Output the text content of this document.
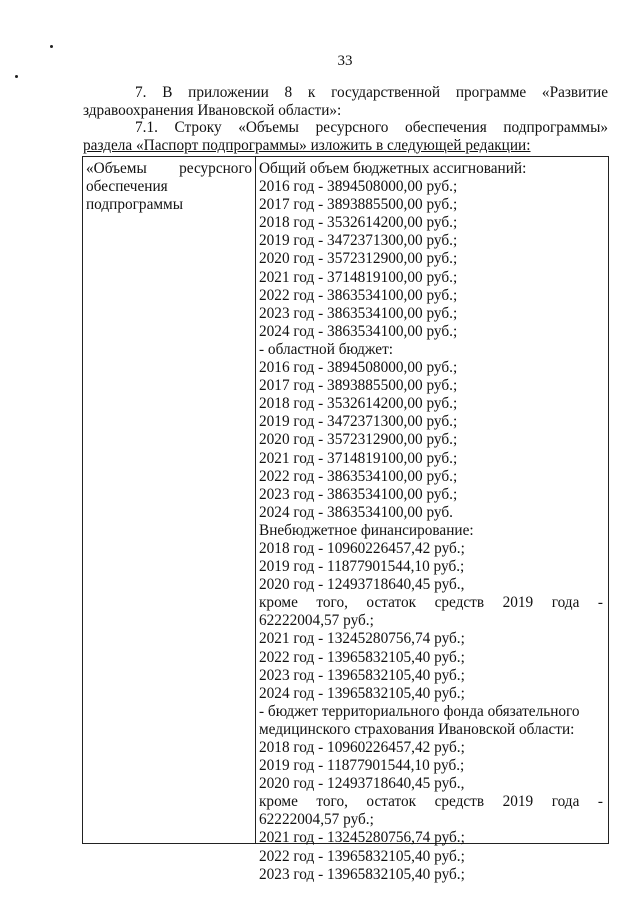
33
7. В приложении 8 к государственной программе «Развитие
здравоохранения Ивановской области»:
7.1. Строку «Объемы ресурсного обеспечения подпрограммы»
раздела «Паспорт подпрограммы» изложить в следующей редакции:
«Объемы ресурсного
обеспечения
подпрограммы
Общий объем бюджетных ассигнований:
2016 год - 3894508000,00 руб.;
2017 год - 3893885500,00 руб.;
2018 год - 3532614200,00 руб.;
2019 год - 3472371300,00 руб.;
2020 год - 3572312900,00 руб.;
2021 год - 3714819100,00 руб.;
2022 год - 3863534100,00 руб.;
2023 год - 3863534100,00 руб.;
2024 год - 3863534100,00 руб.;
- областной бюджет:
2016 год - 3894508000,00 руб.;
2017 год - 3893885500,00 руб.;
2018 год - 3532614200,00 руб.;
2019 год - 3472371300,00 руб.;
2020 год - 3572312900,00 руб.;
2021 год - 3714819100,00 руб.;
2022 год - 3863534100,00 руб.;
2023 год - 3863534100,00 руб.;
2024 год - 3863534100,00 руб.
Внебюджетное финансирование:
2018 год - 10960226457,42 руб.;
2019 год - 11877901544,10 руб.;
2020 год - 12493718640,45 руб.,
кроме того, остаток средств 2019 года -
62222004,57 руб.;
2021 год - 13245280756,74 руб.;
2022 год - 13965832105,40 руб.;
2023 год - 13965832105,40 руб.;
2024 год - 13965832105,40 руб.;
- бюджет территориального фонда обязательного
медицинского страхования Ивановской области:
2018 год - 10960226457,42 руб.;
2019 год - 11877901544,10 руб.;
2020 год - 12493718640,45 руб.,
кроме того, остаток средств 2019 года -
62222004,57 руб.;
2021 год - 13245280756,74 руб.;
2022 год - 13965832105,40 руб.;
2023 год - 13965832105,40 руб.;
